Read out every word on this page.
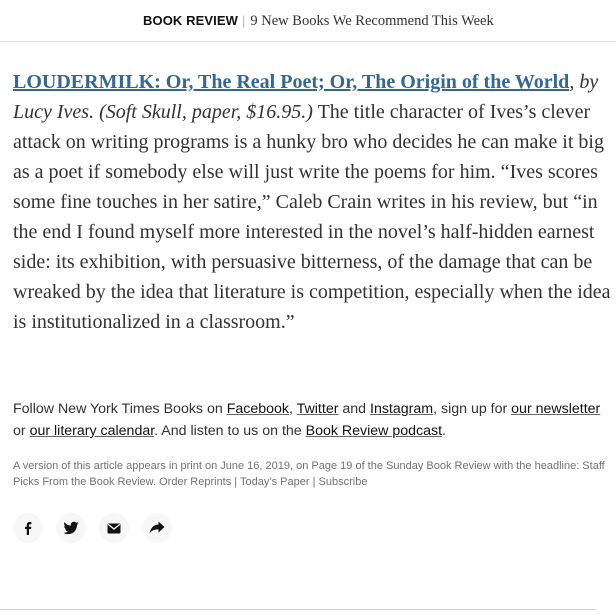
BOOK REVIEW | 9 New Books We Recommend This Week

LOUDERMILK: Or, The Real Poet; Or, The Origin of the World, by Lucy Ives. (Soft Skull, paper, $16.95.) The title character of Ives’s clever attack on writing programs is a hunky bro who decides he can make it big as a poet if somebody else will just write the poems for him. “Ives scores some fine touches in her satire,” Caleb Crain writes in his review, but “in the end I found myself more interested in the novel’s half-hidden earnest side: its exhibition, with persuasive bitterness, of the damage that can be wreaked by the idea that literature is competition, especially when the idea is institutionalized in a classroom.”

Follow New York Times Books on Facebook, Twitter and Instagram, sign up for our newsletter or our literary calendar. And listen to us on the Book Review podcast.

A version of this article appears in print on June 16, 2019, on Page 19 of the Sunday Book Review with the headline: Staff Picks From the Book Review. Order Reprints | Today’s Paper | Subscribe
